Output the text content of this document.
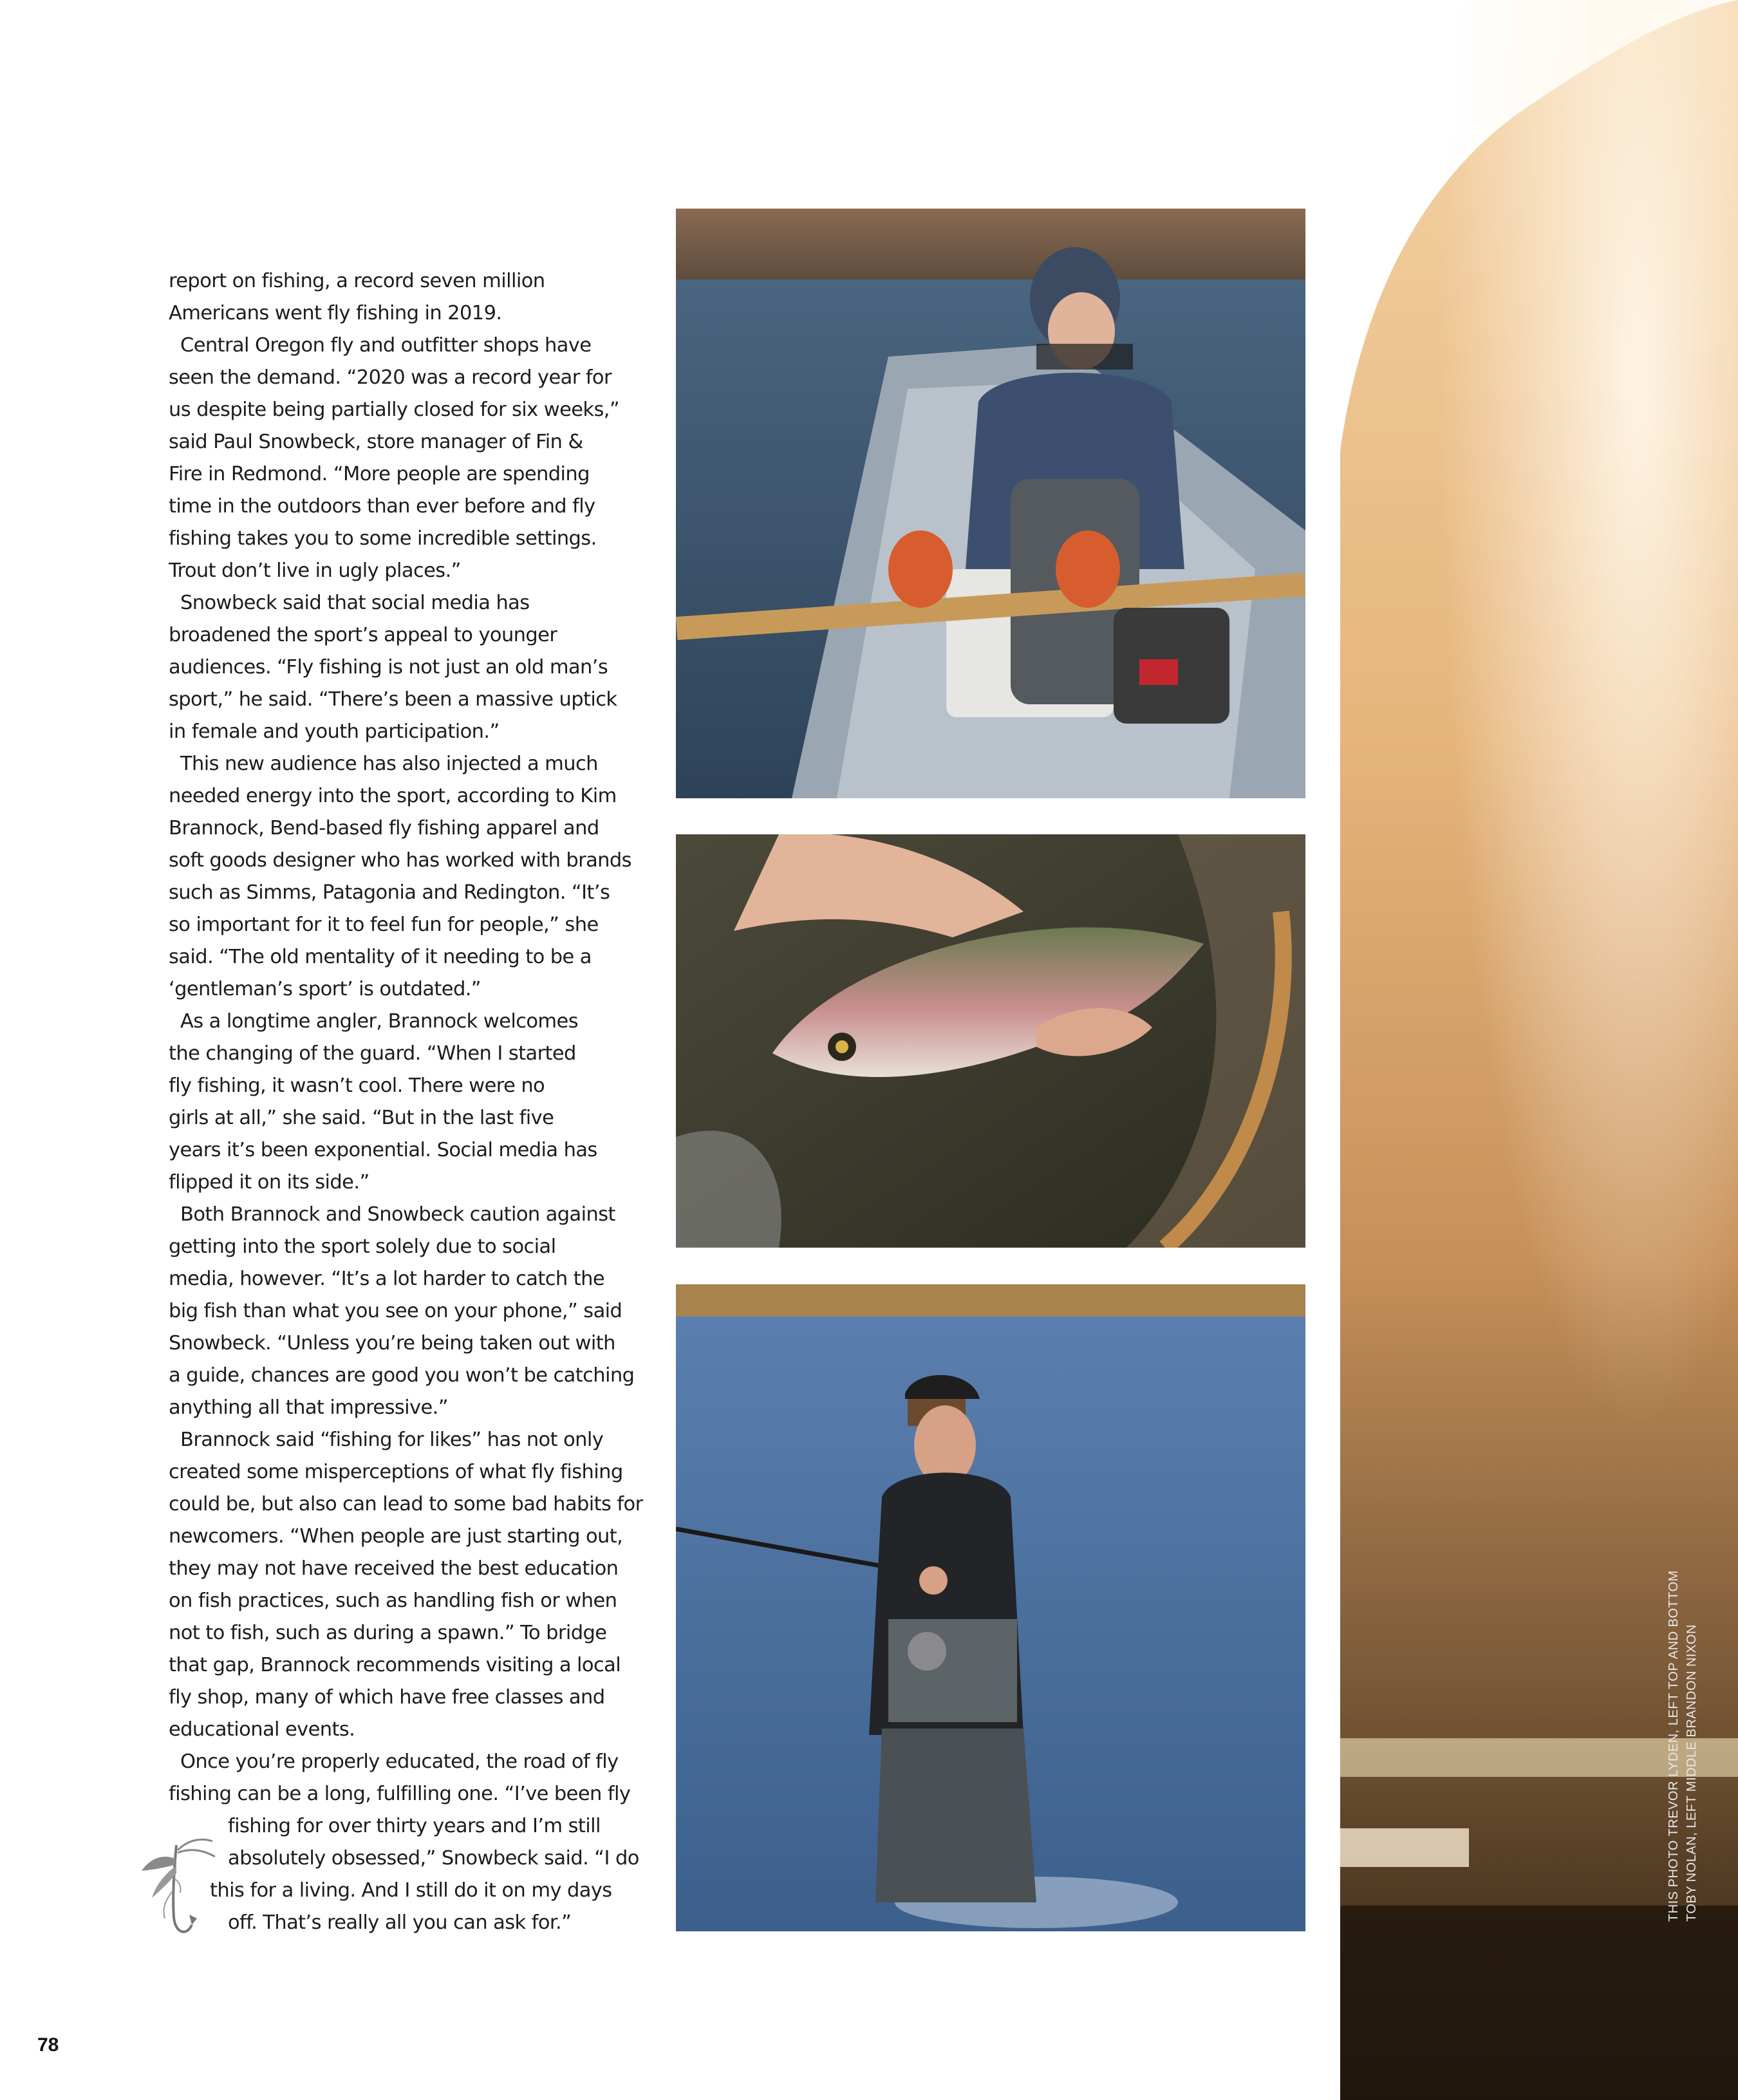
report on fishing, a record seven million
Americans went fly fishing in 2019.
Central Oregon fly and outfitter shops have
seen the demand. “2020 was a record year for
us despite being partially closed for six weeks,”
said Paul Snowbeck, store manager of Fin &
Fire in Redmond. “More people are spending
time in the outdoors than ever before and fly
fishing takes you to some incredible settings.
Trout don’t live in ugly places.”
Snowbeck said that social media has
broadened the sport’s appeal to younger
audiences. “Fly fishing is not just an old man’s
sport,” he said. “There’s been a massive uptick
in female and youth participation.”
This new audience has also injected a much
needed energy into the sport, according to Kim
Brannock, Bend-based fly fishing apparel and
soft goods designer who has worked with brands
such as Simms, Patagonia and Redington. “It’s
so important for it to feel fun for people,” she
said. “The old mentality of it needing to be a
‘gentleman’s sport’ is outdated.”
As a longtime angler, Brannock welcomes
the changing of the guard. “When I started
fly fishing, it wasn’t cool. There were no
girls at all,” she said. “But in the last five
years it’s been exponential. Social media has
flipped it on its side.”
Both Brannock and Snowbeck caution against
getting into the sport solely due to social
media, however. “It’s a lot harder to catch the
big fish than what you see on your phone,” said
Snowbeck. “Unless you’re being taken out with
a guide, chances are good you won’t be catching
anything all that impressive.”
Brannock said “fishing for likes” has not only
created some misperceptions of what fly fishing
could be, but also can lead to some bad habits for
newcomers. “When people are just starting out,
they may not have received the best education
on fish practices, such as handling fish or when
not to fish, such as during a spawn.” To bridge
that gap, Brannock recommends visiting a local
fly shop, many of which have free classes and
educational events.
Once you’re properly educated, the road of fly
fishing can be a long, fulfilling one. “I’ve been fly
fishing for over thirty years and I’m still
absolutely obsessed,” Snowbeck said. “I do
this for a living. And I still do it on my days
off. That’s really all you can ask for.”
THIS PHOTO TREVOR LYDEN, LEFT TOP AND BOTTOM TOBY NOLAN, LEFT MIDDLE BRANDON NIXON
78
